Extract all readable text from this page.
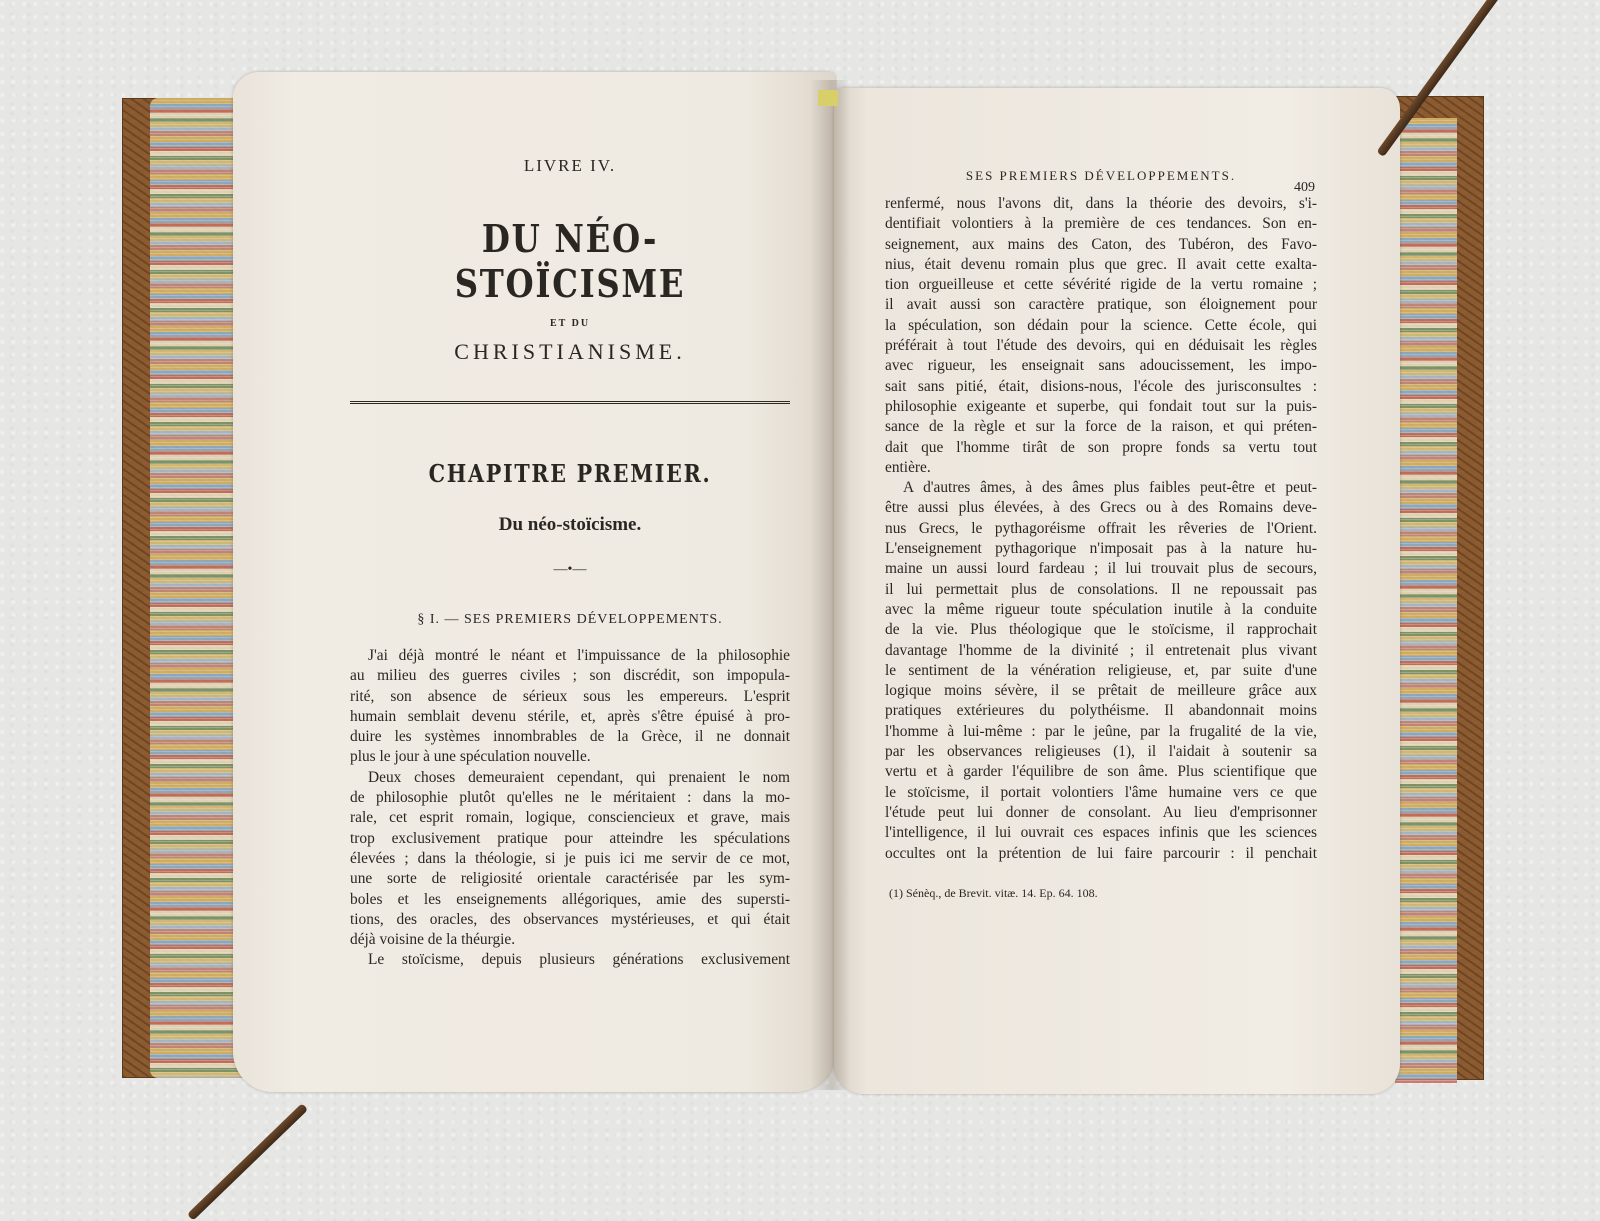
LIVRE IV.
DU NÉO-STOÏCISME
ET DU
CHRISTIANISME.
CHAPITRE PREMIER.
Du néo-stoïcisme.
—•—
§ I. — SES PREMIERS DÉVELOPPEMENTS.
J'ai déjà montré le néant et l'impuissance de la philosophie
au milieu des guerres civiles ; son discrédit, son impopula-
rité, son absence de sérieux sous les empereurs. L'esprit
humain semblait devenu stérile, et, après s'être épuisé à pro-
duire les systèmes innombrables de la Grèce, il ne donnait
plus le jour à une spéculation nouvelle.
Deux choses demeuraient cependant, qui prenaient le nom
de philosophie plutôt qu'elles ne le méritaient : dans la mo-
rale, cet esprit romain, logique, consciencieux et grave, mais
trop exclusivement pratique pour atteindre les spéculations
élevées ; dans la théologie, si je puis ici me servir de ce mot,
une sorte de religiosité orientale caractérisée par les sym-
boles et les enseignements allégoriques, amie des supersti-
tions, des oracles, des observances mystérieuses, et qui était
déjà voisine de la théurgie.
Le stoïcisme, depuis plusieurs générations exclusivement
SES PREMIERS DÉVELOPPEMENTS.
409
renfermé, nous l'avons dit, dans la théorie des devoirs, s'i-
dentifiait volontiers à la première de ces tendances. Son en-
seignement, aux mains des Caton, des Tubéron, des Favo-
nius, était devenu romain plus que grec. Il avait cette exalta-
tion orgueilleuse et cette sévérité rigide de la vertu romaine ;
il avait aussi son caractère pratique, son éloignement pour
la spéculation, son dédain pour la science. Cette école, qui
préférait à tout l'étude des devoirs, qui en déduisait les règles
avec rigueur, les enseignait sans adoucissement, les impo-
sait sans pitié, était, disions-nous, l'école des jurisconsultes :
philosophie exigeante et superbe, qui fondait tout sur la puis-
sance de la règle et sur la force de la raison, et qui préten-
dait que l'homme tirât de son propre fonds sa vertu tout
entière.
A d'autres âmes, à des âmes plus faibles peut-être et peut-
être aussi plus élevées, à des Grecs ou à des Romains deve-
nus Grecs, le pythagoréisme offrait les rêveries de l'Orient.
L'enseignement pythagorique n'imposait pas à la nature hu-
maine un aussi lourd fardeau ; il lui trouvait plus de secours,
il lui permettait plus de consolations. Il ne repoussait pas
avec la même rigueur toute spéculation inutile à la conduite
de la vie. Plus théologique que le stoïcisme, il rapprochait
davantage l'homme de la divinité ; il entretenait plus vivant
le sentiment de la vénération religieuse, et, par suite d'une
logique moins sévère, il se prêtait de meilleure grâce aux
pratiques extérieures du polythéisme. Il abandonnait moins
l'homme à lui-même : par le jeûne, par la frugalité de la vie,
par les observances religieuses (1), il l'aidait à soutenir sa
vertu et à garder l'équilibre de son âme. Plus scientifique que
le stoïcisme, il portait volontiers l'âme humaine vers ce que
l'étude peut lui donner de consolant. Au lieu d'emprisonner
l'intelligence, il lui ouvrait ces espaces infinis que les sciences
occultes ont la prétention de lui faire parcourir : il penchait
(1) Sénèq., de Brevit. vitæ. 14. Ep. 64. 108.
